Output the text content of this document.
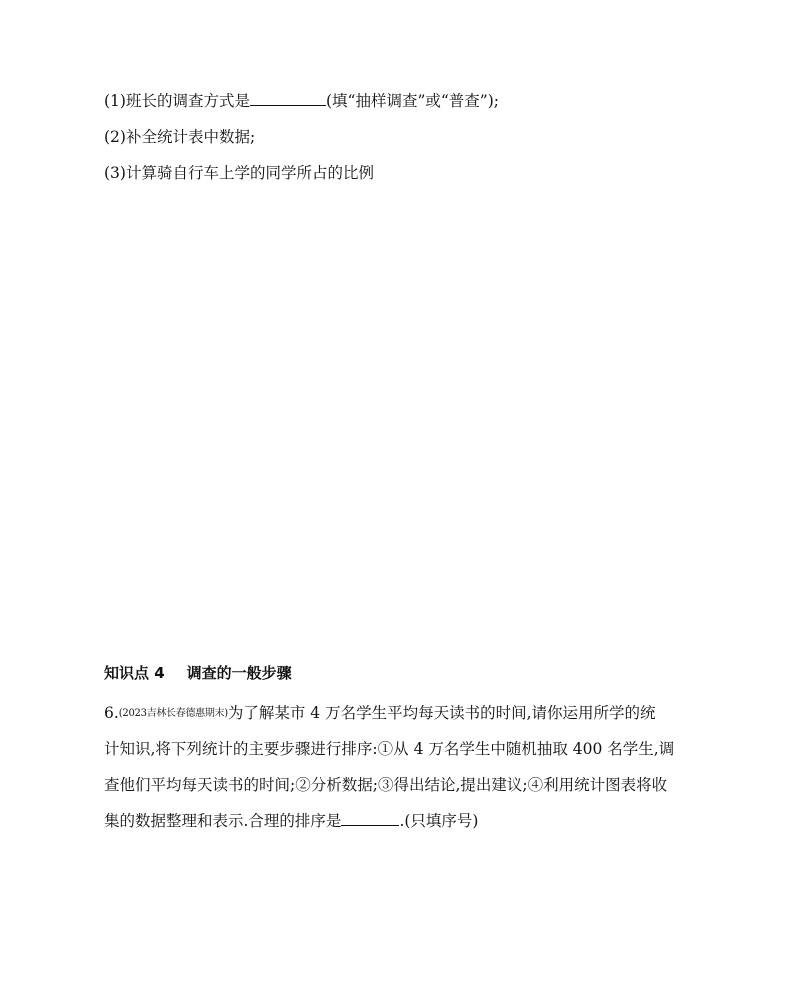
(1)班长的调查方式是	(填“抽样调查”或“普查”);
(2)补全统计表中数据;
(3)计算骑自行车上学的同学所占的比例
知识点 4 调查的一般步骤
6.(2023吉林长春德惠期末)为了解某市 4 万名学生平均每天读书的时间,请你运用所学的统
计知识,将下列统计的主要步骤进行排序:①从 4 万名学生中随机抽取 400 名学生,调
查他们平均每天读书的时间;②分析数据;③得出结论,提出建议;④利用统计图表将收
集的数据整理和表示.合理的排序是	.(只填序号)
